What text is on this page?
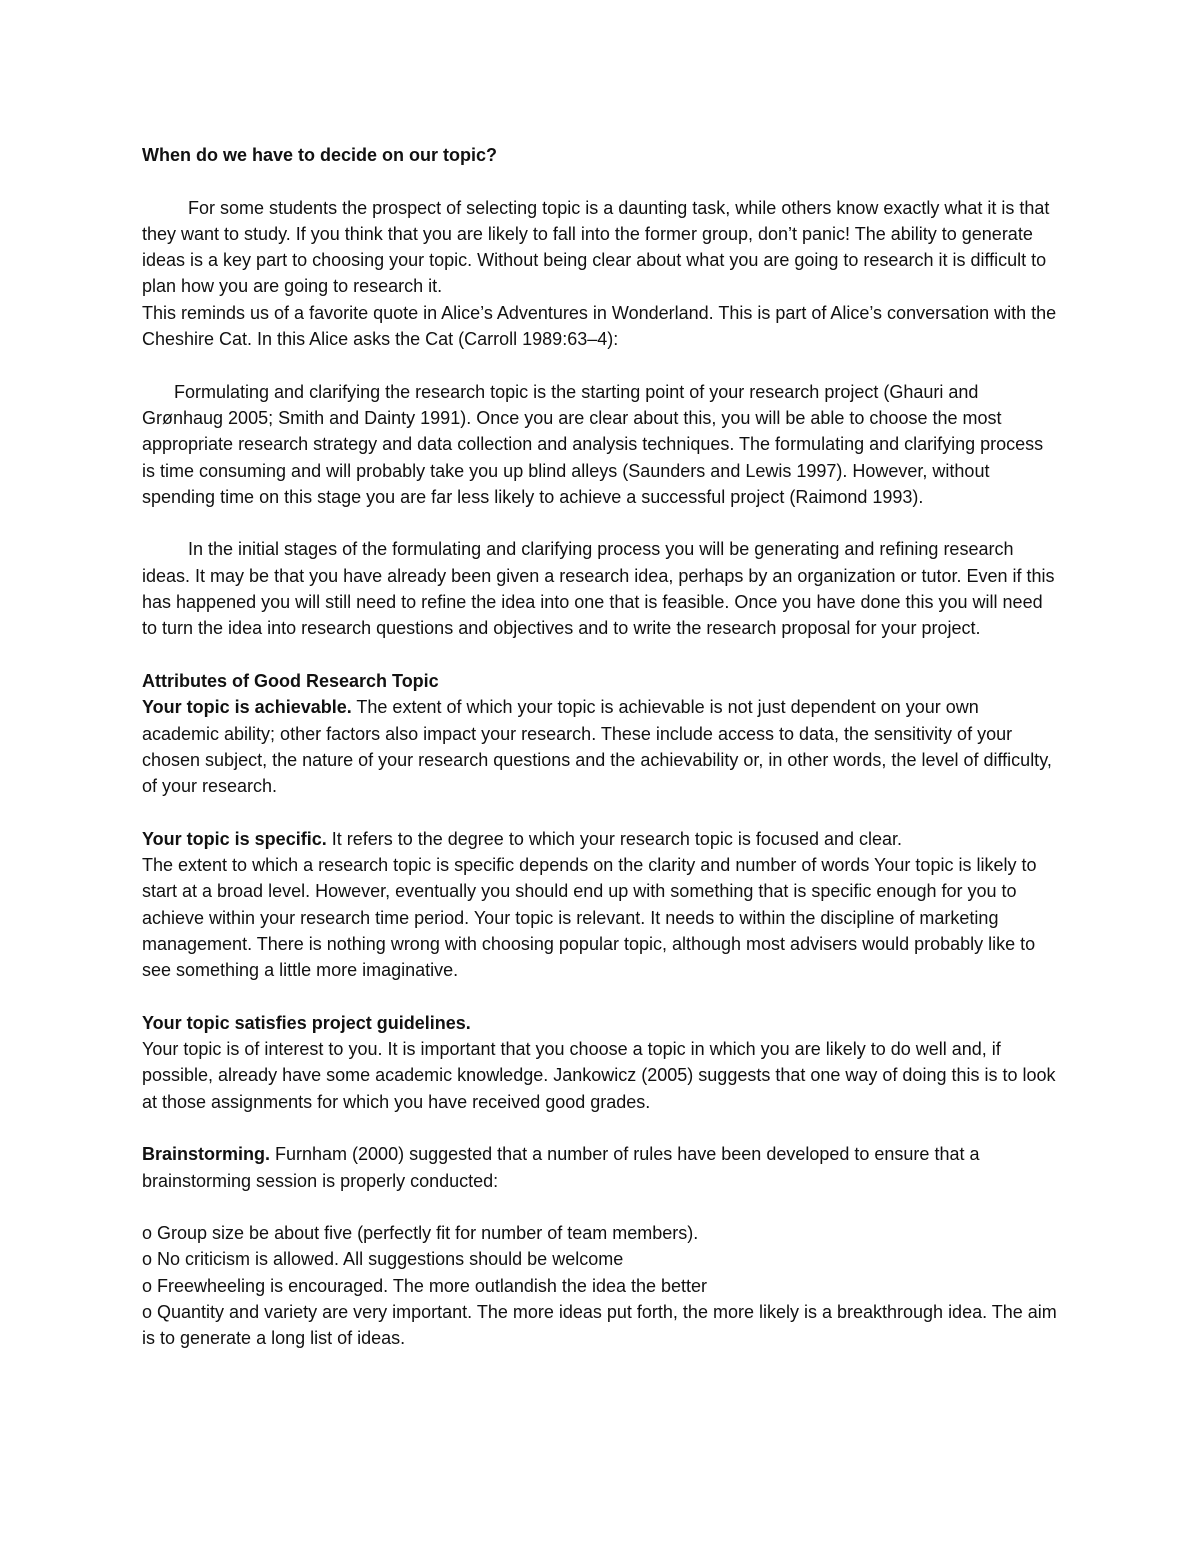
When do we have to decide on our topic?

For some students the prospect of selecting topic is a daunting task, while others know exactly what it is that they want to study. If you think that you are likely to fall into the former group, don’t panic! The ability to generate ideas is a key part to choosing your topic. Without being clear about what you are going to research it is difficult to plan how you are going to research it.

This reminds us of a favorite quote in Alice’s Adventures in Wonderland. This is part of Alice’s conversation with the Cheshire Cat. In this Alice asks the Cat (Carroll 1989:63–4):

Formulating and clarifying the research topic is the starting point of your research project (Ghauri and Grønhaug 2005; Smith and Dainty 1991). Once you are clear about this, you will be able to choose the most appropriate research strategy and data collection and analysis techniques. The formulating and clarifying process is time consuming and will probably take you up blind alleys (Saunders and Lewis 1997). However, without spending time on this stage you are far less likely to achieve a successful project (Raimond 1993).

In the initial stages of the formulating and clarifying process you will be generating and refining research ideas. It may be that you have already been given a research idea, perhaps by an organization or tutor. Even if this has happened you will still need to refine the idea into one that is feasible. Once you have done this you will need to turn the idea into research questions and objectives and to write the research proposal for your project.

Attributes of Good Research Topic

Your topic is achievable. The extent of which your topic is achievable is not just dependent on your own academic ability; other factors also impact your research. These include access to data, the sensitivity of your chosen subject, the nature of your research questions and the achievability or, in other words, the level of difficulty, of your research.

Your topic is specific. It refers to the degree to which your research topic is focused and clear.

The extent to which a research topic is specific depends on the clarity and number of words Your topic is likely to start at a broad level. However, eventually you should end up with something that is specific enough for you to achieve within your research time period. Your topic is relevant. It needs to within the discipline of marketing management. There is nothing wrong with choosing popular topic, although most advisers would probably like to see something a little more imaginative.

Your topic satisfies project guidelines.

Your topic is of interest to you. It is important that you choose a topic in which you are likely to do well and, if possible, already have some academic knowledge. Jankowicz (2005) suggests that one way of doing this is to look at those assignments for which you have received good grades.

Brainstorming. Furnham (2000) suggested that a number of rules have been developed to ensure that a brainstorming session is properly conducted:

o Group size be about five (perfectly fit for number of team members).

o No criticism is allowed. All suggestions should be welcome

o Freewheeling is encouraged. The more outlandish the idea the better

o Quantity and variety are very important. The more ideas put forth, the more likely is a breakthrough idea. The aim is to generate a long list of ideas.
